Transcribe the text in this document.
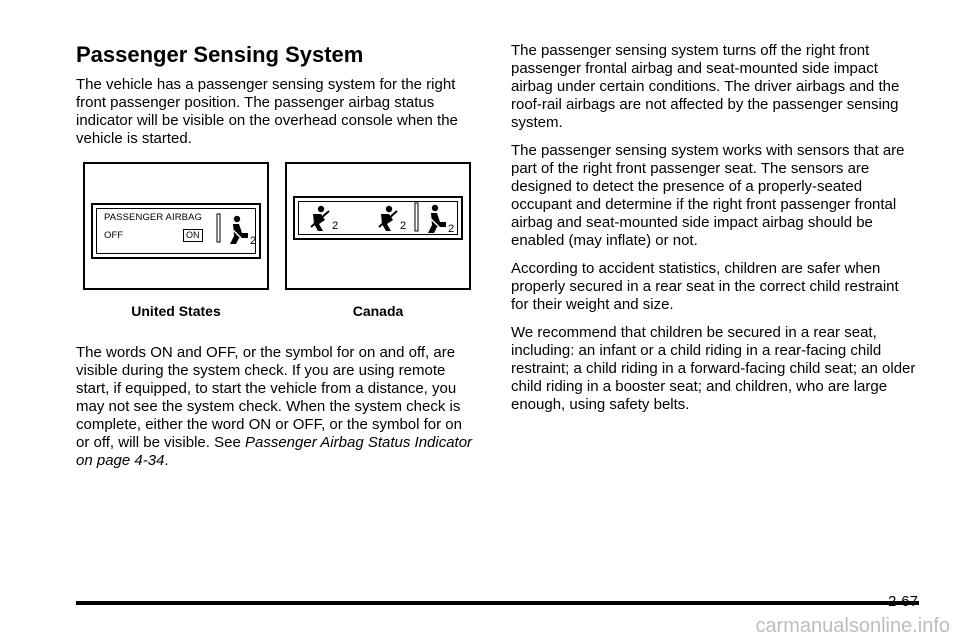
Passenger Sensing System

The vehicle has a passenger sensing system for the right front passenger position. The passenger airbag status indicator will be visible on the overhead console when the vehicle is started.

PASSENGER AIRBAG
OFF	ON	2
United States
2	2	2
Canada

The words ON and OFF, or the symbol for on and off, are visible during the system check. If you are using remote start, if equipped, to start the vehicle from a distance, you may not see the system check. When the system check is complete, either the word ON or OFF, or the symbol for on or off, will be visible. See Passenger Airbag Status Indicator on page 4-34.

The passenger sensing system turns off the right front passenger frontal airbag and seat-mounted side impact airbag under certain conditions. The driver airbags and the roof-rail airbags are not affected by the passenger sensing system.

The passenger sensing system works with sensors that are part of the right front passenger seat. The sensors are designed to detect the presence of a properly-seated occupant and determine if the right front passenger frontal airbag and seat-mounted side impact airbag should be enabled (may inflate) or not.

According to accident statistics, children are safer when properly secured in a rear seat in the correct child restraint for their weight and size.

We recommend that children be secured in a rear seat, including: an infant or a child riding in a rear-facing child restraint; a child riding in a forward-facing child seat; an older child riding in a booster seat; and children, who are large enough, using safety belts.

2-67
carmanualsonline.info
